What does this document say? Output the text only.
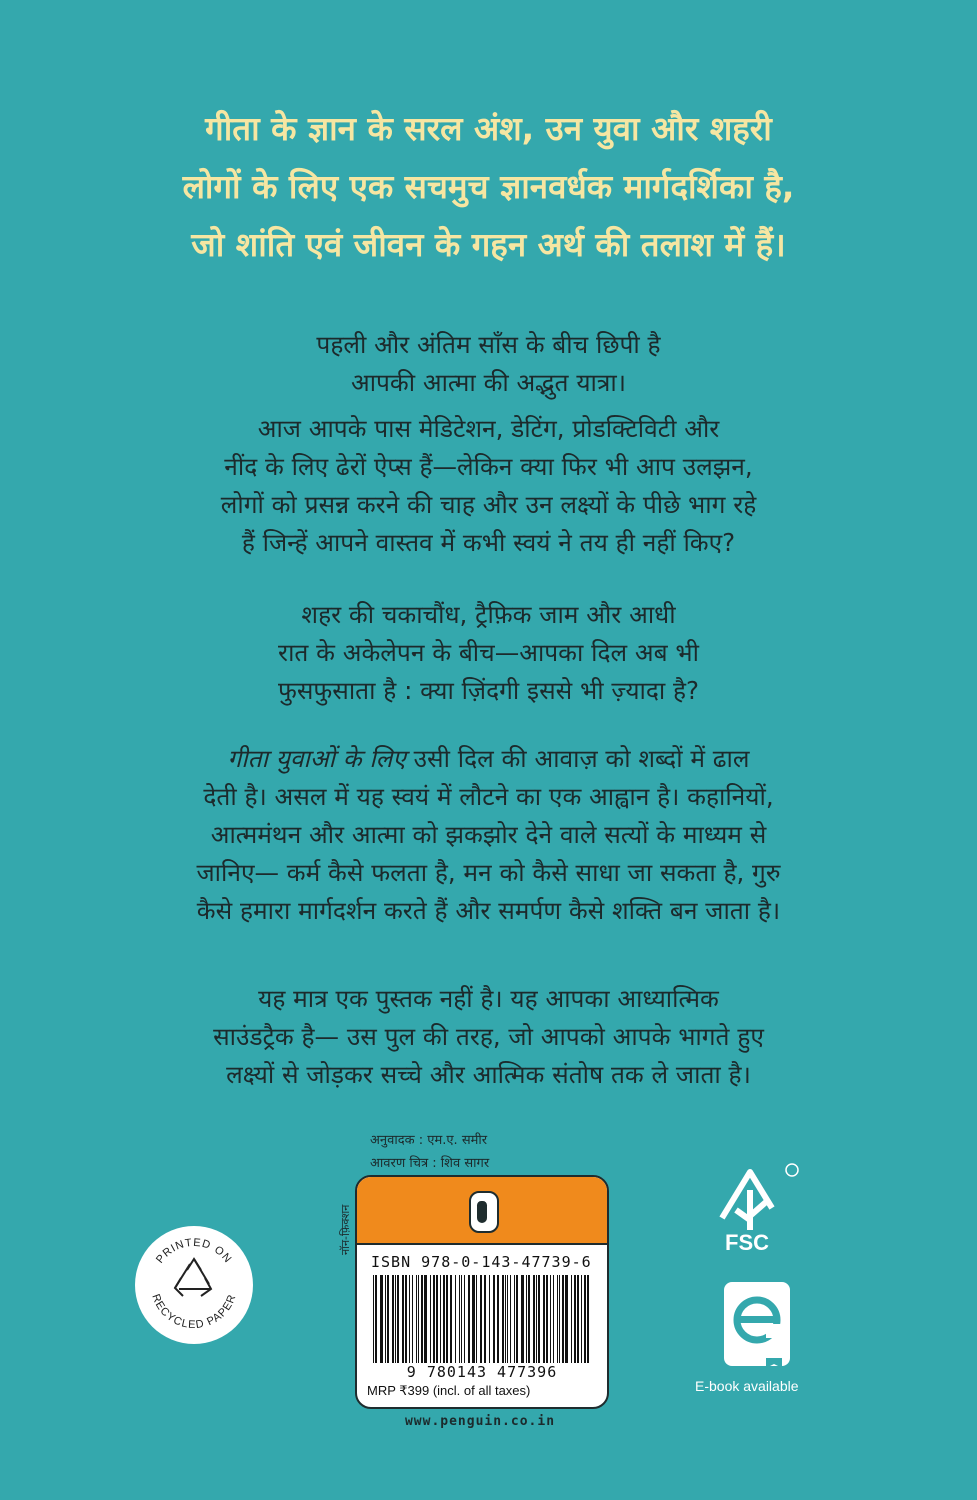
गीता के ज्ञान के सरल अंश, उन युवा और शहरी
लोगों के लिए एक सचमुच ज्ञानवर्धक मार्गदर्शिका है,
जो शांति एवं जीवन के गहन अर्थ की तलाश में हैं।
पहली और अंतिम साँस के बीच छिपी है
आपकी आत्मा की अद्भुत यात्रा।
आज आपके पास मेडिटेशन, डेटिंग, प्रोडक्टिविटी और
नींद के लिए ढेरों ऐप्स हैं—लेकिन क्या फिर भी आप उलझन,
लोगों को प्रसन्न करने की चाह और उन लक्ष्यों के पीछे भाग रहे
हैं जिन्हें आपने वास्तव में कभी स्वयं ने तय ही नहीं किए?
शहर की चकाचौंध, ट्रैफ़िक जाम और आधी
रात के अकेलेपन के बीच—आपका दिल अब भी
फुसफुसाता है : क्या ज़िंदगी इससे भी ज़्यादा है?
गीता युवाओं के लिए उसी दिल की आवाज़ को शब्दों में ढाल
देती है। असल में यह स्वयं में लौटने का एक आह्वान है। कहानियों,
आत्ममंथन और आत्मा को झकझोर देने वाले सत्यों के माध्यम से
जानिए— कर्म कैसे फलता है, मन को कैसे साधा जा सकता है, गुरु
कैसे हमारा मार्गदर्शन करते हैं और समर्पण कैसे शक्ति बन जाता है।
यह मात्र एक पुस्तक नहीं है। यह आपका आध्यात्मिक
साउंडट्रैक है— उस पुल की तरह, जो आपको आपके भागते हुए
लक्ष्यों से जोड़कर सच्चे और आत्मिक संतोष तक ले जाता है।
अनुवादक : एम.ए. समीर
आवरण चित्र : शिव सागर
PRINTED ON
RECYCLED PAPER
नॉन-फ़िक्शन
ISBN 978-0-143-47739-6
9 780143 477396
MRP ₹399 (incl. of all taxes)
www.penguin.co.in
FSC
E-book available
